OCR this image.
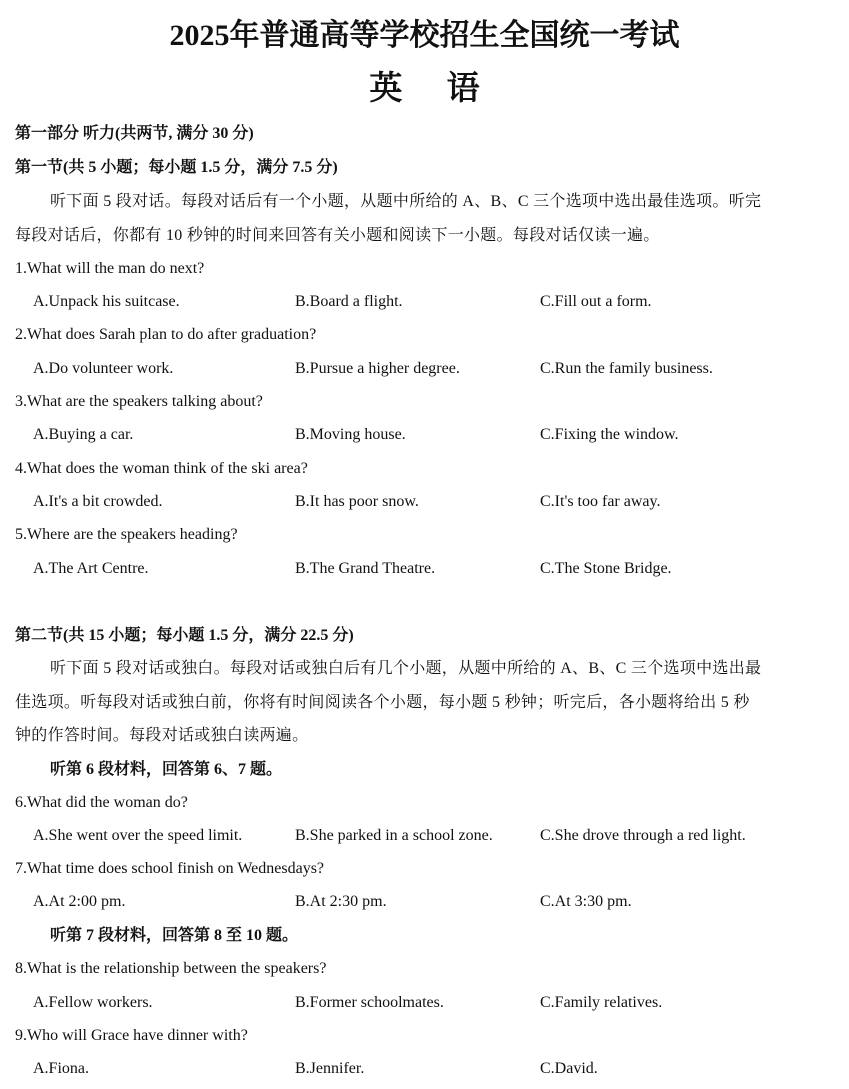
2025年普通高等学校招生全国统一考试
英 语
第一部分 听力(共两节, 满分 30 分)
第一节(共 5 小题；每小题 1.5 分，满分 7.5 分)
听下面 5 段对话。每段对话后有一个小题，从题中所给的 A、B、C 三个选项中选出最佳选项。听完
每段对话后，你都有 10 秒钟的时间来回答有关小题和阅读下一小题。每段对话仅读一遍。
1.What will the man do next?
A.Unpack his suitcase.	B.Board a flight.	C.Fill out a form.
2.What does Sarah plan to do after graduation?
A.Do volunteer work.	B.Pursue a higher degree.	C.Run the family business.
3.What are the speakers talking about?
A.Buying a car.	B.Moving house.	C.Fixing the window.
4.What does the woman think of the ski area?
A.It's a bit crowded.	B.It has poor snow.	C.It's too far away.
5.Where are the speakers heading?
A.The Art Centre.	B.The Grand Theatre.	C.The Stone Bridge.
第二节(共 15 小题；每小题 1.5 分，满分 22.5 分)
听下面 5 段对话或独白。每段对话或独白后有几个小题，从题中所给的 A、B、C 三个选项中选出最
佳选项。听每段对话或独白前，你将有时间阅读各个小题，每小题 5 秒钟；听完后，各小题将给出 5 秒
钟的作答时间。每段对话或独白读两遍。
听第 6 段材料，回答第 6、7 题。
6.What did the woman do?
A.She went over the speed limit.	B.She parked in a school zone.	C.She drove through a red light.
7.What time does school finish on Wednesdays?
A.At 2:00 pm.	B.At 2:30 pm.	C.At 3:30 pm.
听第 7 段材料，回答第 8 至 10 题。
8.What is the relationship between the speakers?
A.Fellow workers.	B.Former schoolmates.	C.Family relatives.
9.Who will Grace have dinner with?
A.Fiona.	B.Jennifer.	C.David.
